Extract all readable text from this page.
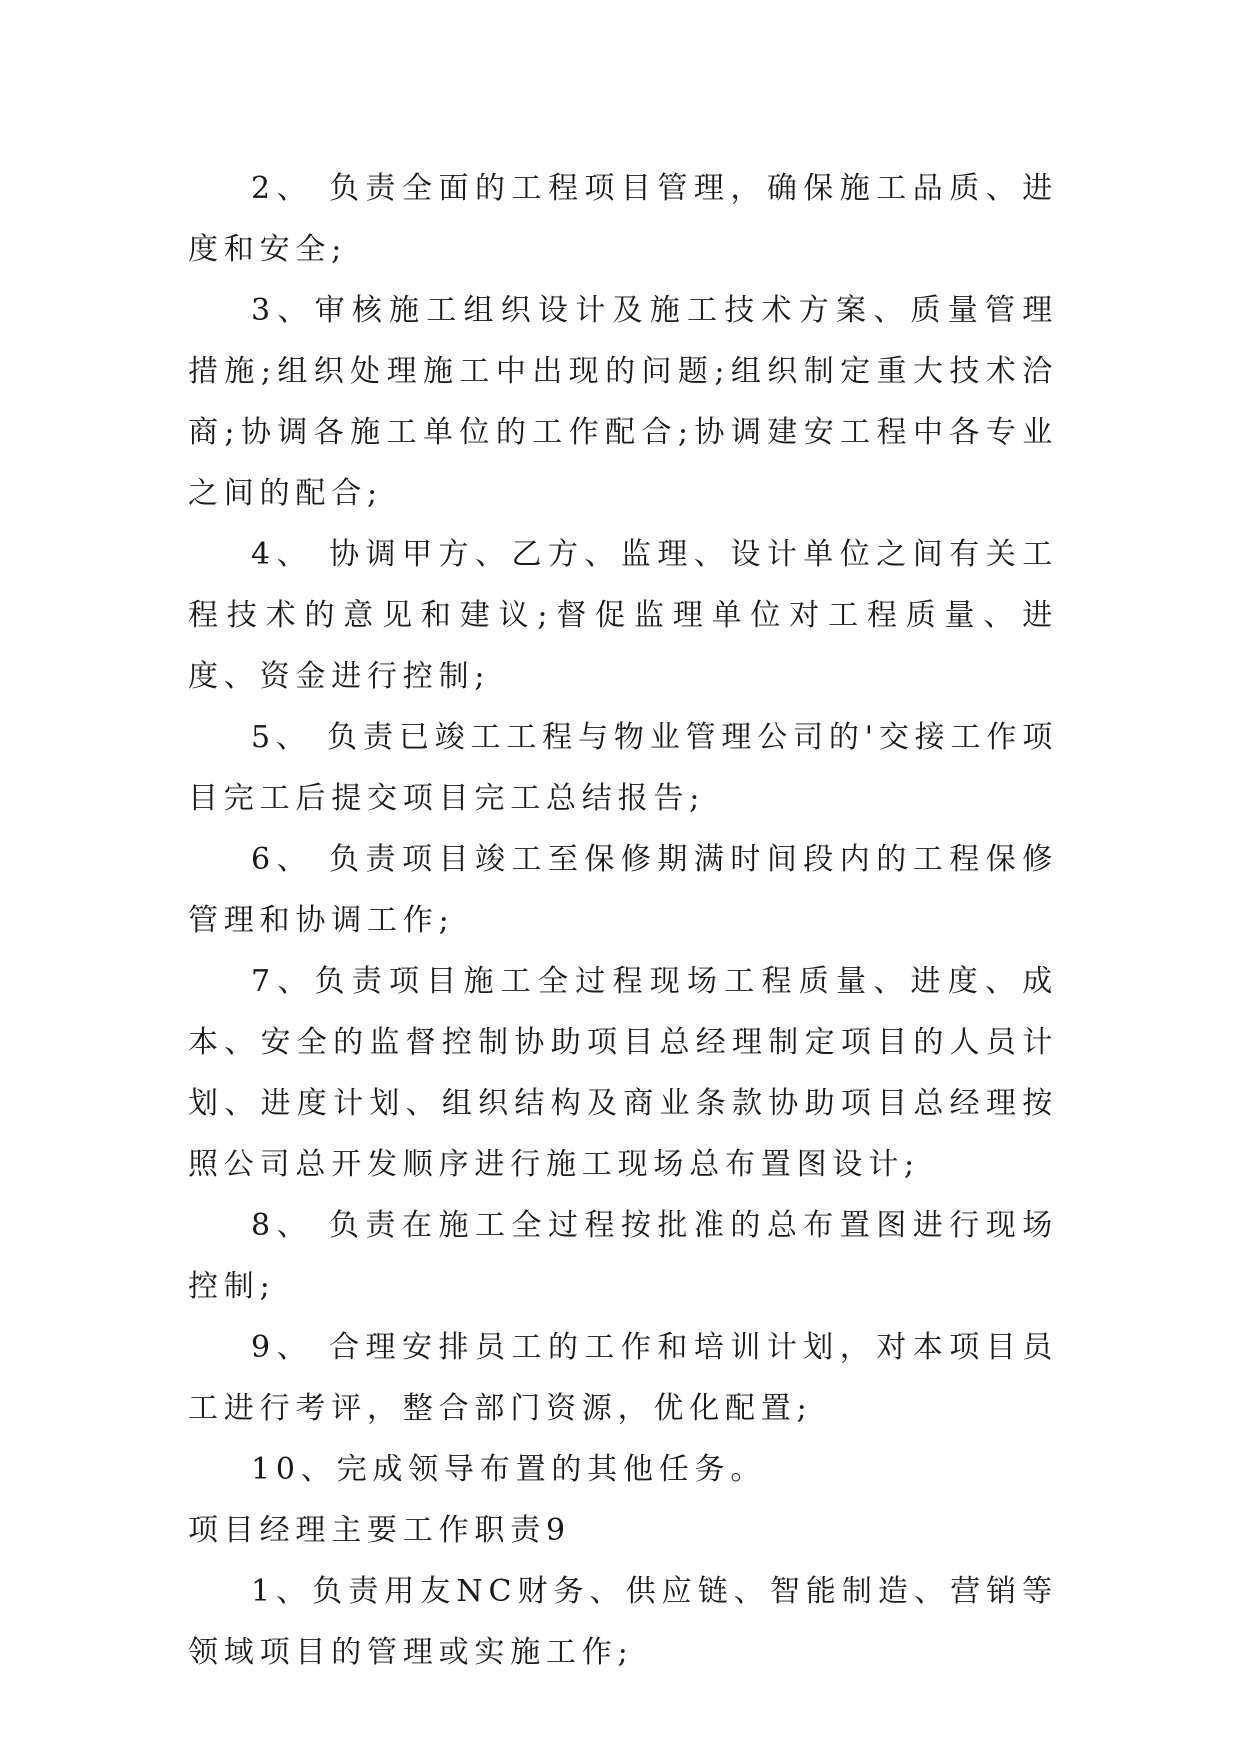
2、 负责全面的工程项目管理，确保施工品质、进度和安全;

3、审核施工组织设计及施工技术方案、质量管理措施;组织处理施工中出现的问题;组织制定重大技术洽商;协调各施工单位的工作配合;协调建安工程中各专业之间的配合;

4、 协调甲方、乙方、监理、设计单位之间有关工程技术的意见和建议;督促监理单位对工程质量、进度、资金进行控制;

5、 负责已竣工工程与物业管理公司的'交接工作项目完工后提交项目完工总结报告;

6、 负责项目竣工至保修期满时间段内的工程保修管理和协调工作;

7、负责项目施工全过程现场工程质量、进度、成本、安全的监督控制协助项目总经理制定项目的人员计划、进度计划、组织结构及商业条款协助项目总经理按照公司总开发顺序进行施工现场总布置图设计;

8、 负责在施工全过程按批准的总布置图进行现场控制;

9、 合理安排员工的工作和培训计划，对本项目员工进行考评，整合部门资源，优化配置;

10、完成领导布置的其他任务。

项目经理主要工作职责9

1、负责用友NC财务、供应链、智能制造、营销等领域项目的管理或实施工作;
